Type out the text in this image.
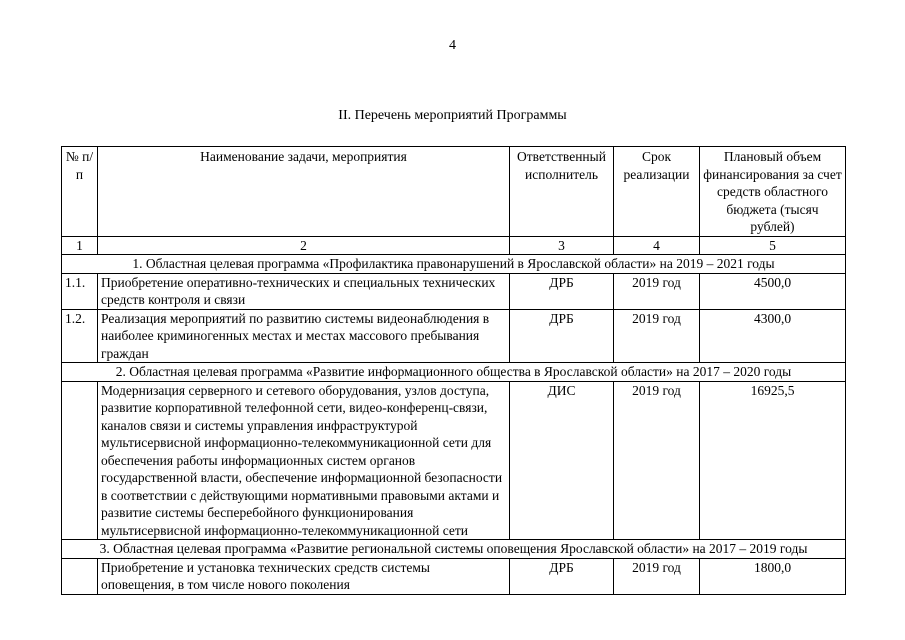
4
II. Перечень мероприятий Программы
№ п/п	Наименование задачи, мероприятия	Ответственный исполнитель	Срок реализации	Плановый объем финансирования за счет средств областного бюджета (тысяч рублей)
1	2	3	4	5
1. Областная целевая программа «Профилактика правонарушений в Ярославской области» на 2019 – 2021 годы				
1.1.	Приобретение оперативно-технических и специальных технических средств контроля и связи	ДРБ	2019 год	4500,0
1.2.	Реализация мероприятий по развитию системы видеонаблюдения в наиболее криминогенных местах и местах массового пребывания граждан	ДРБ	2019 год	4300,0
2. Областная целевая программа «Развитие информационного общества в Ярославской области» на 2017 – 2020 годы				
	Модернизация серверного и сетевого оборудования, узлов доступа, развитие корпоративной телефонной сети, видео-конференц-связи, каналов связи и системы управления инфраструктурой мультисервисной информационно-телекоммуникационной сети для обеспечения работы информационных систем органов государственной власти, обеспечение информационной безопасности в соответствии с действующими нормативными правовыми актами и развитие системы бесперебойного функционирования мультисервисной информационно-телекоммуникационной сети	ДИС	2019 год	16925,5
3. Областная целевая программа «Развитие региональной системы оповещения Ярославской области» на 2017 – 2019 годы				
	Приобретение и установка технических средств системы оповещения, в том числе нового поколения	ДРБ	2019 год	1800,0
